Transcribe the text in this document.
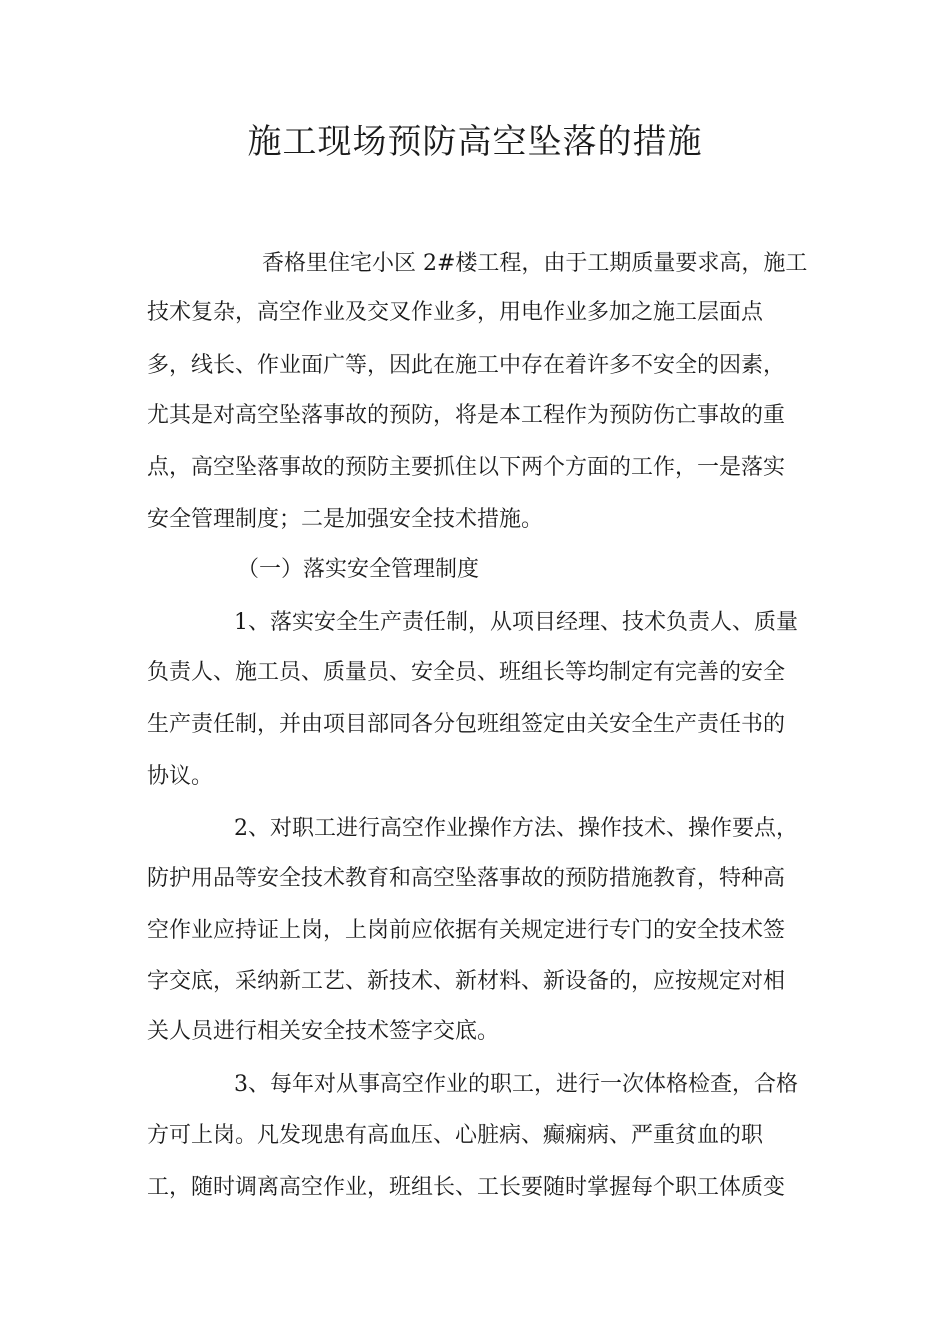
施工现场预防高空坠落的措施
香格里住宅小区 2#楼工程，由于工期质量要求高，施工
技术复杂，高空作业及交叉作业多，用电作业多加之施工层面点
多，线长、作业面广等，因此在施工中存在着许多不安全的因素，
尤其是对高空坠落事故的预防，将是本工程作为预防伤亡事故的重
点，高空坠落事故的预防主要抓住以下两个方面的工作，一是落实
安全管理制度；二是加强安全技术措施。
（一）落实安全管理制度
1、落实安全生产责任制，从项目经理、技术负责人、质量
负责人、施工员、质量员、安全员、班组长等均制定有完善的安全
生产责任制，并由项目部同各分包班组签定由关安全生产责任书的
协议。
2、对职工进行高空作业操作方法、操作技术、操作要点，
防护用品等安全技术教育和高空坠落事故的预防措施教育，特种高
空作业应持证上岗，上岗前应依据有关规定进行专门的安全技术签
字交底，采纳新工艺、新技术、新材料、新设备的，应按规定对相
关人员进行相关安全技术签字交底。
3、每年对从事高空作业的职工，进行一次体格检查，合格
方可上岗。凡发现患有高血压、心脏病、癫痫病、严重贫血的职
工，随时调离高空作业，班组长、工长要随时掌握每个职工体质变
